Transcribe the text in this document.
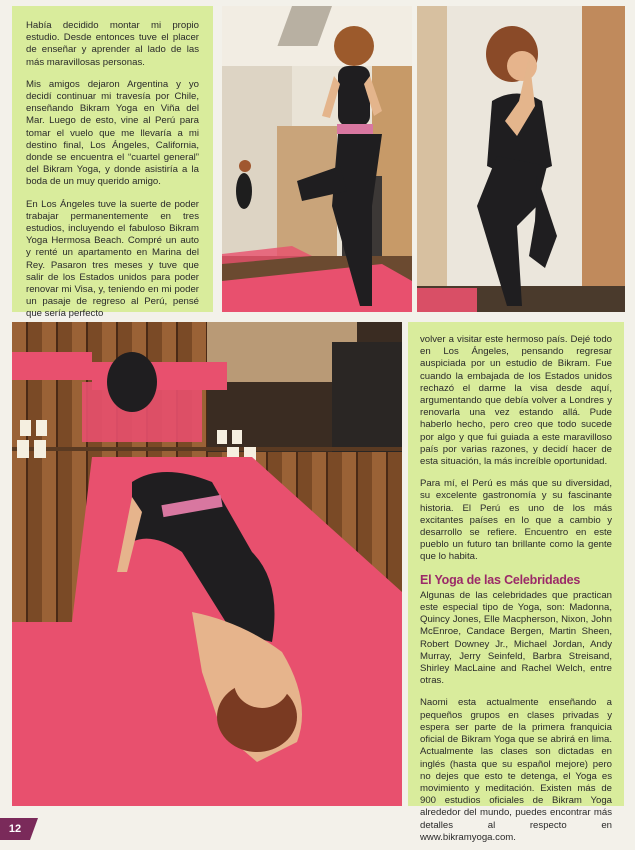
Había decidido montar mi propio estudio. Desde entonces tuve el placer de enseñar y aprender al lado de las más maravillosas personas.

Mis amigos dejaron Argentina y yo decidí continuar mi travesía por Chile, enseñando Bikram Yoga en Viña del Mar. Luego de esto, vine al Perú para tomar el vuelo que me llevaría a mi destino final, Los Ángeles, California, donde se encuentra el “cuartel general” del Bikram Yoga, y donde asistiría a la boda de un muy querido amigo.

En Los Ángeles tuve la suerte de poder trabajar permanentemente en tres estudios, incluyendo el fabuloso Bikram Yoga Hermosa Beach. Compré un auto y renté un apartamento en Marina del Rey. Pasaron tres meses y tuve que salir de los Estados unidos para poder renovar mi Visa, y, teniendo en mi poder un pasaje de regreso al Perú, pensé que sería perfecto

volver a visitar este hermoso país. Dejé todo en Los Ángeles, pensando regresar auspiciada por un estudio de Bikram. Fue cuando la embajada de los Estados unidos rechazó el darme la visa desde aquí, argumentando que debía volver a Londres y renovarla una vez estando allá. Pude haberlo hecho, pero creo que todo sucede por algo y que fui guiada a este maravilloso país por varias razones, y decidí hacer de esta situación, la más increíble oportunidad.

Para mí, el Perú es más que su diversidad, su excelente gastronomía y su fascinante historia. El Perú es uno de los más excitantes países en lo que a cambio y desarrollo se refiere. Encuentro en este pueblo un futuro tan brillante como la gente que lo habita.

El Yoga de las Celebridades

Algunas de las celebridades que practican este especial tipo de Yoga, son: Madonna, Quincy Jones, Elle Macpherson, Nixon, John McEnroe, Candace Bergen, Martin Sheen, Robert Downey Jr., Michael Jordan, Andy Murray, Jerry Seinfeld, Barbra Streisand, Shirley MacLaine and Rachel Welch, entre otras.

Naomi esta actualmente enseñando a pequeños grupos en clases privadas y espera ser parte de la primera franquicia oficial de Bikram Yoga que se abrirá en lima. Actualmente las clases son dictadas en inglés (hasta que su español mejore) pero no dejes que esto te detenga, el Yoga es movimiento y meditación. Existen más de 900 estudios oficiales de Bikram Yoga alrededor del mundo, puedes encontrar más detalles al respecto en www.bikramyoga.com.

12
